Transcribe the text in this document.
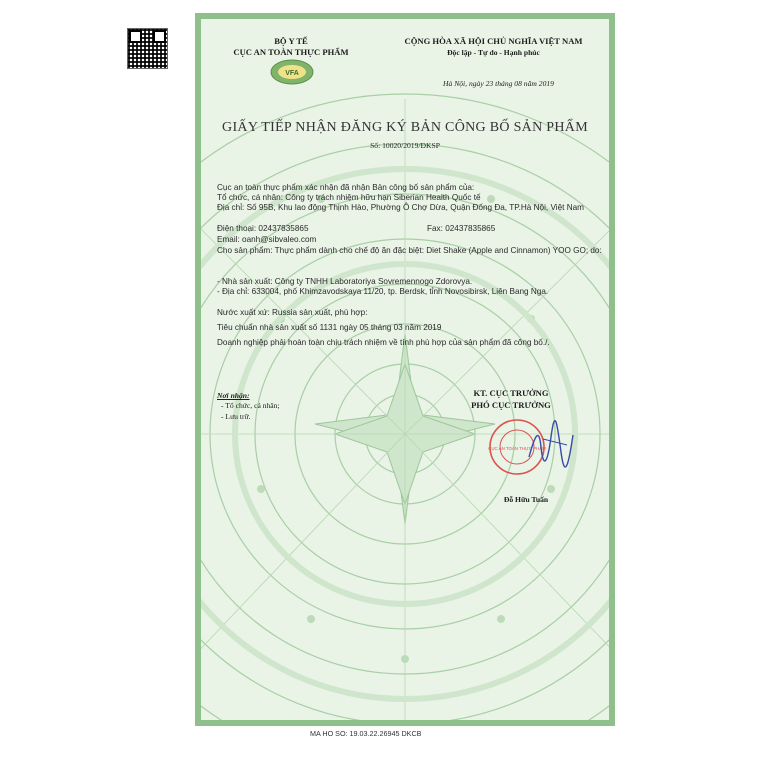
BỘ Y TẾ
CỤC AN TOÀN THỰC PHẨM
VFA
CỘNG HÒA XÃ HỘI CHỦ NGHĨA VIỆT NAM
Độc lập - Tự do - Hạnh phúc
Hà Nội, ngày 23 tháng 08 năm 2019
GIẤY TIẾP NHẬN ĐĂNG KÝ BẢN CÔNG BỐ SẢN PHẨM
Số: 10020/2019/ĐKSP
Cục an toàn thực phẩm xác nhận đã nhận Bản công bố sản phẩm của:
Tổ chức, cá nhân: Công ty trách nhiệm hữu hạn Siberian Health Quốc tế
Địa chỉ: Số 95B, Khu lao động Thịnh Hào, Phường Ô Chợ Dừa, Quận Đống Đa, TP.Hà Nội, Việt Nam
Điện thoại: 02437835865	Fax: 02437835865
Email: oanh@sibvaleo.com
Cho sản phẩm: Thực phẩm dành cho chế độ ăn đặc biệt: Diet Shake (Apple and Cinnamon) YOO GO; do:
- Nhà sản xuất: Công ty TNHH Laboratoriya Sovremennogo Zdorovya.
- Địa chỉ: 633004, phố Khimzavodskaya 11/20, tp. Berdsk, tỉnh Novosibirsk, Liên Bang Nga.
Nước xuất xứ: Russia sản xuất, phù hợp:
Tiêu chuẩn nhà sản xuất số 1131 ngày 05 tháng 03 năm 2019
Doanh nghiệp phải hoàn toàn chịu trách nhiệm về tính phù hợp của sản phẩm đã công bố./.
Nơi nhận:
- Tổ chức, cá nhân;
- Lưu trữ.
KT. CỤC TRƯỞNG
PHÓ CỤC TRƯỞNG
CỤC AN TOÀN THỰC PHẨM
Đỗ Hữu Tuấn
MA HO SO: 19.03.22.26945 DKCB
